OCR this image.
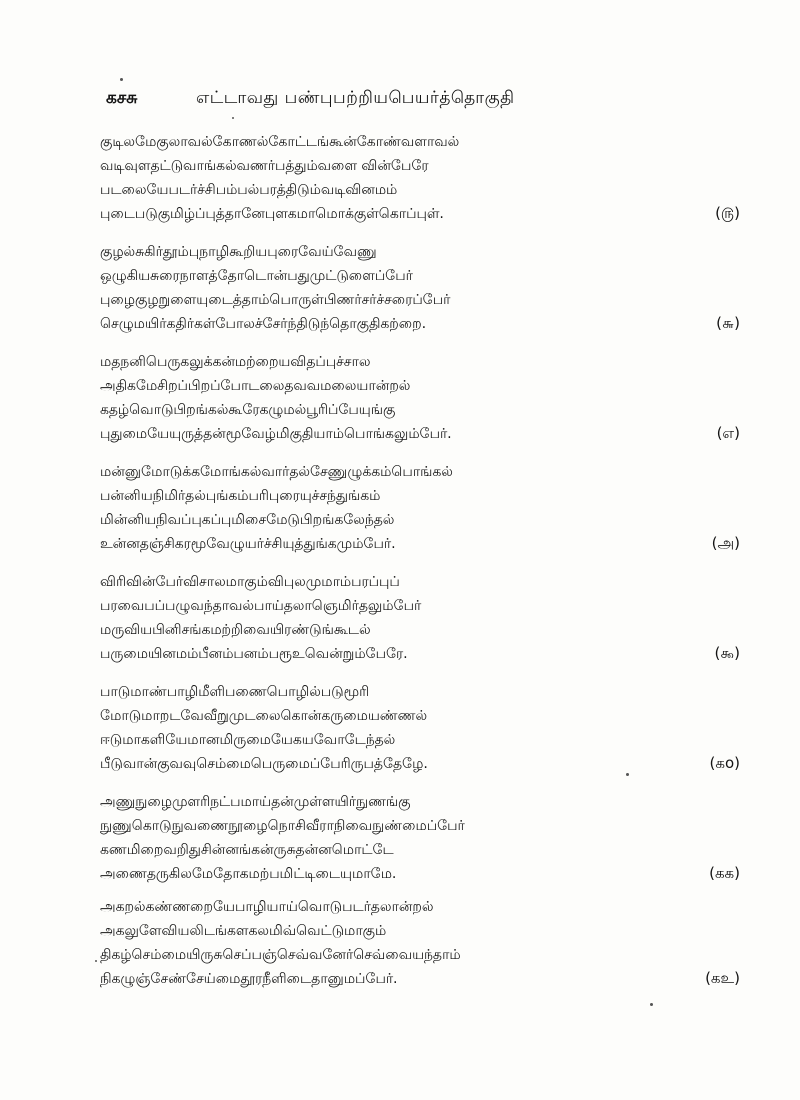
கசசு	எட்டாவது பண்புபற்றியபெயர்த்தொகுதி
குடிலமேகுலாவல்கோணல்கோட்டங்கூன்கோண்வளாவல்
வடிவுளதட்டுவாங்கல்வணர்பத்தும்வளை வின்பேரே
படலையேபடர்ச்சிபம்பல்பரத்திடும்வடிவினமம்
புடைபடுகுமிழ்ப்புத்தானேபுளகமாமொக்குள்கொப்புள்.	(௫)
குழல்சுகிர்தூம்புநாழிகூறியபுரைவேய்வேணு
ஒழுகியசுரைநாளத்தோடொன்பதுமுட்டுளைப்பேர்
புழைகுழறுளையுடைத்தாம்பொருள்பிணர்சர்ச்சரைப்பேர்
செழுமயிர்கதிர்கள்போலச்சேர்ந்திடுந்தொகுதிகற்றை.	(௬)
மதநனிபெருகலுக்கன்மற்றையவிதப்புச்சால
அதிகமேசிறப்பிறப்போடலைதவவமலையான்றல்
கதழ்வொடுபிறங்கல்கூரேகழுமல்பூரிப்பேயுங்கு
புதுமையேயுருத்தன்மூவேழ்மிகுதியாம்பொங்கலும்பேர்.	(எ)
மன்னுமோடுக்கமோங்கல்வார்தல்சேணுழுக்கம்பொங்கல்
பன்னியநிமிர்தல்புங்கம்பரிபுரையுச்சந்துங்கம்
மின்னியநிவப்புகப்புமிசைமேடுபிறங்கலேந்தல்
உன்னதஞ்சிகரமூவேழுயர்ச்சியுத்துங்கமும்பேர்.	(அ)
விரிவின்பேர்விசாலமாகும்விபுலமுமாம்பரப்புப்
பரவைபப்பழுவந்தாவல்பாய்தலாஞெமிர்தலும்பேர்
மருவியபினிசங்கமற்றிவையிரண்டுங்கூடல்
பருமையினமம்பீனம்பனம்பரூஉவென்றும்பேரே.	(௯)
பாடுமாண்பாழிமீளிபணைபொழில்படுமூரி
மோடுமாறடவேவீறுமுடலைகொன்கருமையண்ணல்
ஈடுமாகளியேமானமிருமையேகயவோடேந்தல்
பீடுவான்குவவுசெம்மைபெருமைப்பேரிருபத்தேழே.	(கo)
அணுநுழைமுளரிநட்பமாய்தன்முள்ளயிர்நுணங்கு
நுணுகொடுநுவணைநூழைநொசிவீராநிவைநுண்மைப்பேர்
கணமிறைவறிதுசின்னங்கன்ருசுதன்னமொட்டே
அணைதருகிலமேதோகமற்பமிட்டிடையுமாமே.	(கக)
அகறல்கண்ணறையேபாழியாய்வொடுபடர்தலான்றல்
அகலுளேவியலிடங்களகலமிவ்வெட்டுமாகும்
திகழ்செம்மையிருசுசெப்பஞ்செவ்வனேர்செவ்வையந்தாம்
நிகழுஞ்சேண்சேய்மைதூரநீளிடைதானுமப்பேர்.	(கஉ)
